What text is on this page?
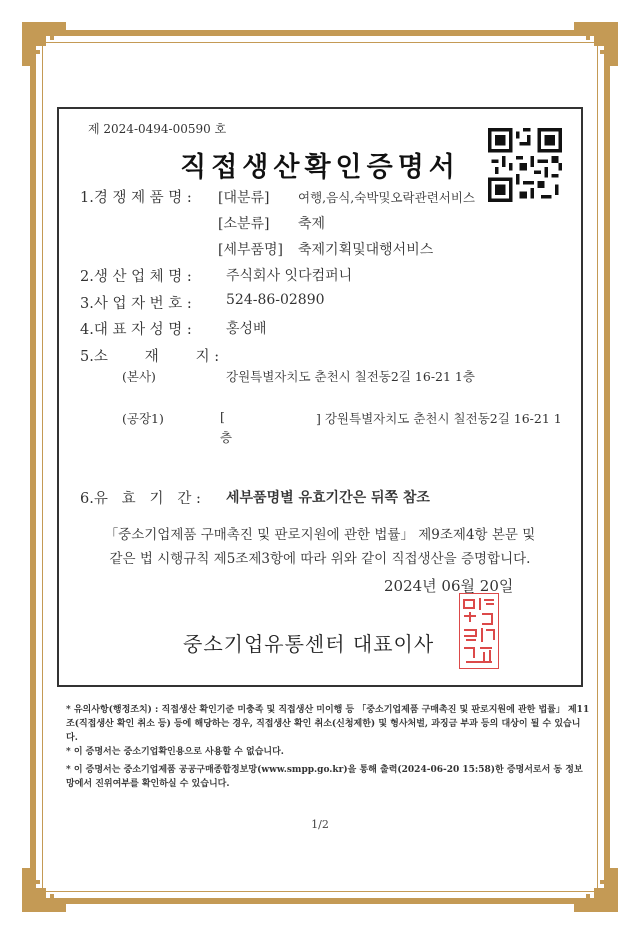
제 2024-0494-00590 호
직접생산확인증명서
1.경 쟁 제 품 명 : [대분류] 여행,음식,숙박및오락관련서비스
[소분류] 축제
[세부품명] 축제기획및대행서비스
2.생 산 업 체 명 : 주식회사 잇다컴퍼니
3.사 업 자 번 호 : 524-86-02890
4.대 표 자 성 명 : 홍성배
5.소        재        지 :
(본사)	강원특별자치도 춘천시 칠전동2길 16-21 1층
(공장1)	[	] 강원특별자치도 춘천시 칠전동2길 16-21 1
층
6.유   효   기   간 : 세부품명별 유효기간은 뒤쪽 참조
「중소기업제품 구매촉진 및 판로지원에 관한 법률」 제9조제4항 본문 및
같은 법 시행규칙 제5조제3항에 따라 위와 같이 직접생산을 증명합니다.
2024년 06월 20일
중소기업유통센터 대표이사
* 유의사항(행정조치) : 직접생산 확인기준 미충족 및 직접생산 미이행 등 「중소기업제품 구매촉진 및 판로지원에 관한 법률」 제11조(직접생산 확인 취소 등) 등에 해당하는 경우, 직접생산 확인 취소(신청제한) 및 형사처벌, 과징금 부과 등의 대상이 될 수 있습니다.
* 이 증명서는 중소기업확인용으로 사용할 수 없습니다.
* 이 증명서는 중소기업제품 공공구매종합정보망(www.smpp.go.kr)을 통해 출력(2024-06-20 15:58)한 증명서로서 동 정보망에서 진위여부를 확인하실 수 있습니다.
1/2
